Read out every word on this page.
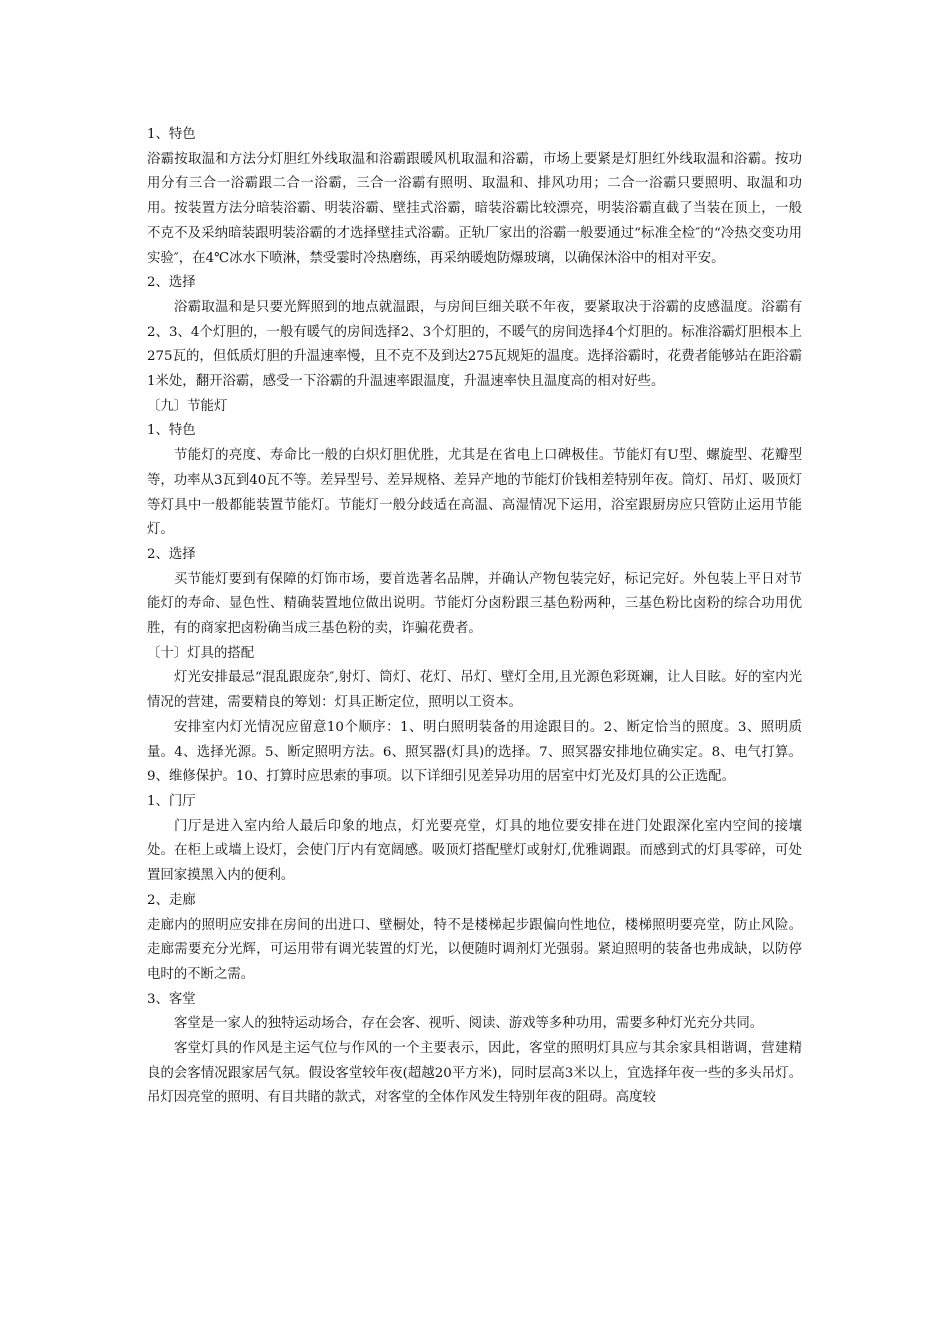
1、特色

浴霸按取温和方法分灯胆红外线取温和浴霸跟暖风机取温和浴霸，市场上要紧是灯胆红外线取温和浴霸。按功用分有三合一浴霸跟二合一浴霸，三合一浴霸有照明、取温和、排风功用；二合一浴霸只要照明、取温和功用。按装置方法分暗装浴霸、明装浴霸、壁挂式浴霸，暗装浴霸比较漂亮，明装浴霸直截了当装在顶上，一般不克不及采纳暗装跟明装浴霸的才选择壁挂式浴霸。正轨厂家出的浴霸一般要通过“标准全检″的“冷热交变功用实验″，在4℃冰水下喷淋，禁受霎时冷热磨练，再采纳暖炮防爆玻璃，以确保沐浴中的相对平安。

2、选择

浴霸取温和是只要光辉照到的地点就温跟，与房间巨细关联不年夜，要紧取决于浴霸的皮感温度。浴霸有2、3、4个灯胆的，一般有暖气的房间选择2、3个灯胆的，不暖气的房间选择4个灯胆的。标准浴霸灯胆根本上275瓦的，但低质灯胆的升温速率慢，且不克不及到达275瓦规矩的温度。选择浴霸时，花费者能够站在距浴霸1米处，翻开浴霸，感受一下浴霸的升温速率跟温度，升温速率快且温度高的相对好些。

〔九〕节能灯

1、特色

节能灯的亮度、寿命比一般的白炽灯胆优胜，尤其是在省电上口碑极佳。节能灯有U型、螺旋型、花瓣型等，功率从3瓦到40瓦不等。差异型号、差异规格、差异产地的节能灯价钱相差特别年夜。筒灯、吊灯、吸顶灯等灯具中一般都能装置节能灯。节能灯一般分歧适在高温、高湿情况下运用，浴室跟厨房应只管防止运用节能灯。

2、选择

买节能灯要到有保障的灯饰市场，要首选著名品牌，并确认产物包装完好，标记完好。外包装上平日对节能灯的寿命、显色性、精确装置地位做出说明。节能灯分卤粉跟三基色粉两种，三基色粉比卤粉的综合功用优胜，有的商家把卤粉确当成三基色粉的卖，诈骗花费者。

〔十〕灯具的搭配

灯光安排最忌“混乱跟庞杂″,射灯、筒灯、花灯、吊灯、壁灯全用,且光源色彩斑斓，让人目眩。好的室内光情况的营建，需要精良的筹划：灯具正断定位，照明以工资本。

安排室内灯光情况应留意10个顺序：1、明白照明装备的用途跟目的。2、断定恰当的照度。3、照明质量。4、选择光源。5、断定照明方法。6、照冥器(灯具)的选择。7、照冥器安排地位确实定。8、电气打算。9、维修保护。10、打算时应思索的事项。以下详细引见差异功用的居室中灯光及灯具的公正选配。

1、门厅

门厅是进入室内给人最后印象的地点，灯光要亮堂，灯具的地位要安排在进门处跟深化室内空间的接壤处。在柜上或墙上设灯，会使门厅内有宽阔感。吸顶灯搭配壁灯或射灯,优雅调跟。而感到式的灯具零碎，可处置回家摸黑入内的便利。

2、走廊

走廊内的照明应安排在房间的出进口、壁橱处，特不是楼梯起步跟偏向性地位，楼梯照明要亮堂，防止风险。走廊需要充分光辉，可运用带有调光装置的灯光，以便随时调剂灯光强弱。紧迫照明的装备也弗成缺，以防停电时的不断之需。

3、客堂

客堂是一家人的独特运动场合，存在会客、视听、阅读、游戏等多种功用，需要多种灯光充分共同。

客堂灯具的作风是主运气位与作风的一个主要表示，因此，客堂的照明灯具应与其余家具相谐调，营建精良的会客情况跟家居气氛。假设客堂较年夜(超越20平方米)，同时层高3米以上，宜选择年夜一些的多头吊灯。吊灯因亮堂的照明、有目共睹的款式，对客堂的全体作风发生特别年夜的阻碍。高度较
